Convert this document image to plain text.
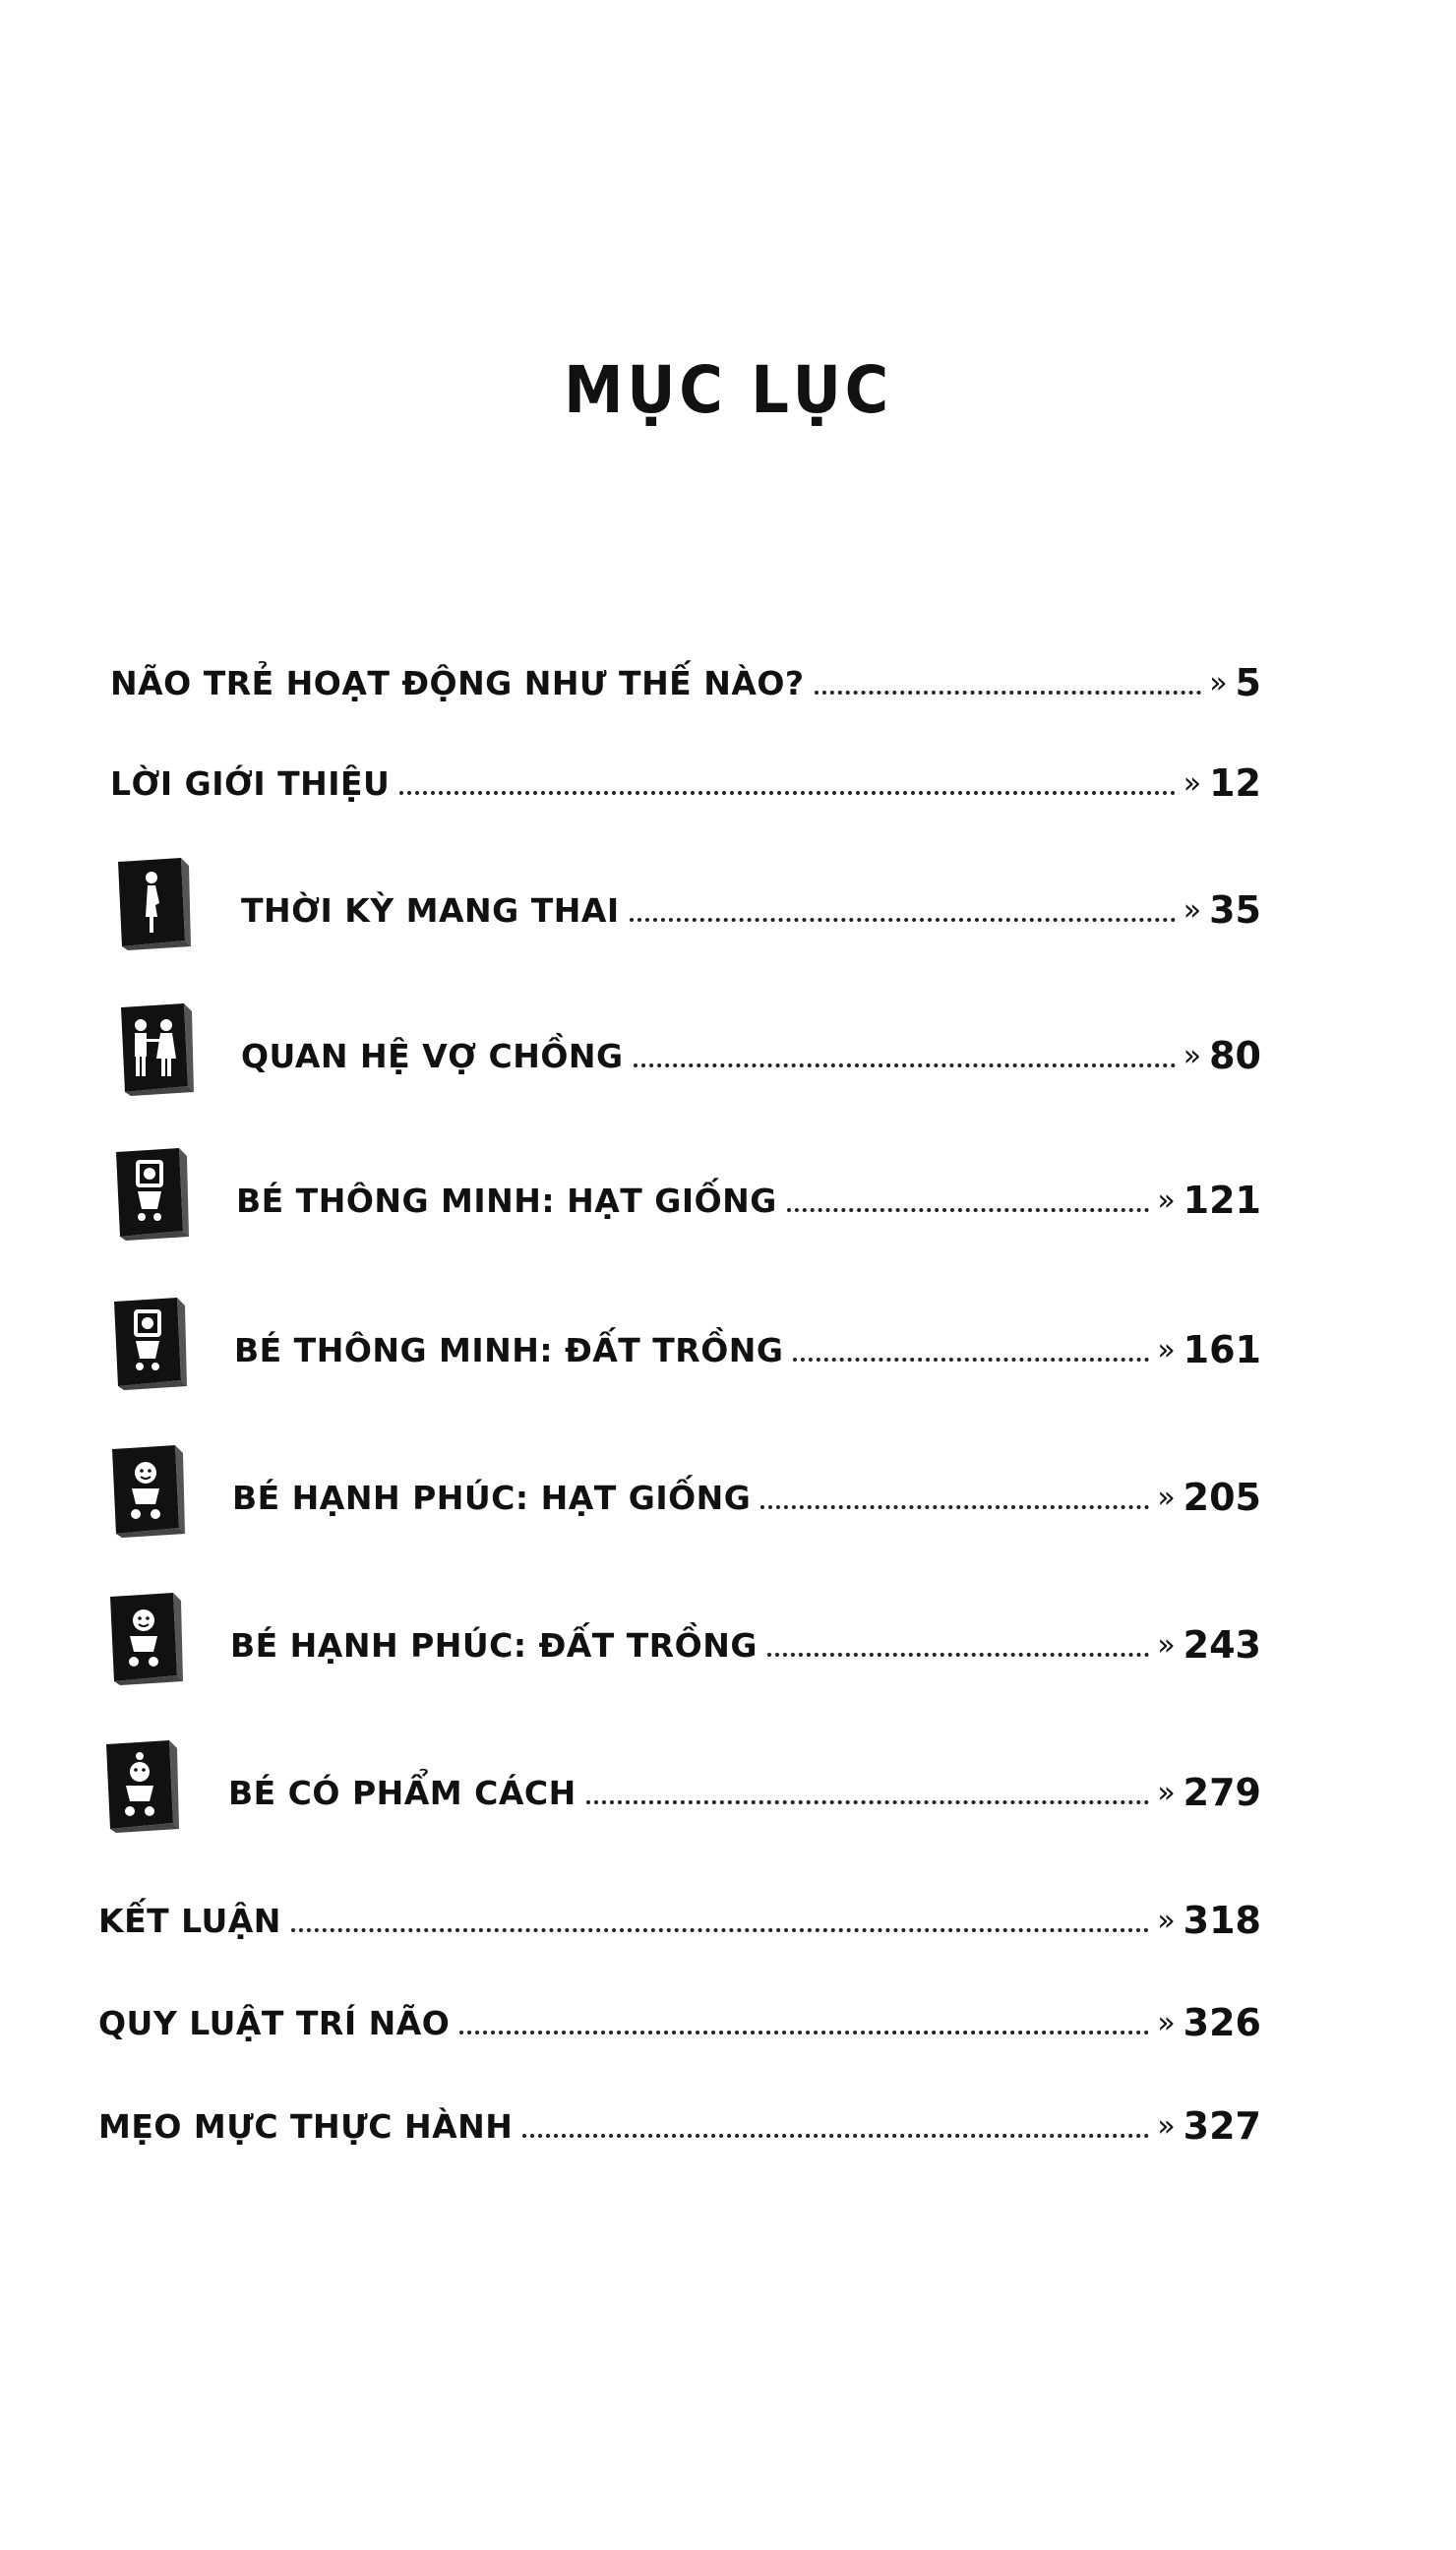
MỤC LỤC
NÃO TRẺ HOẠT ĐỘNG NHƯ THẾ NÀO?	» 5
LỜI GIỚI THIỆU	» 12
THỜI KỲ MANG THAI	» 35
QUAN HỆ VỢ CHỒNG	» 80
BÉ THÔNG MINH: HẠT GIỐNG	» 121
BÉ THÔNG MINH: ĐẤT TRỒNG	» 161
BÉ HẠNH PHÚC: HẠT GIỐNG	» 205
BÉ HẠNH PHÚC: ĐẤT TRỒNG	» 243
BÉ CÓ PHẨM CÁCH	» 279
KẾT LUẬN	» 318
QUY LUẬT TRÍ NÃO	» 326
MẸO MỰC THỰC HÀNH	» 327
